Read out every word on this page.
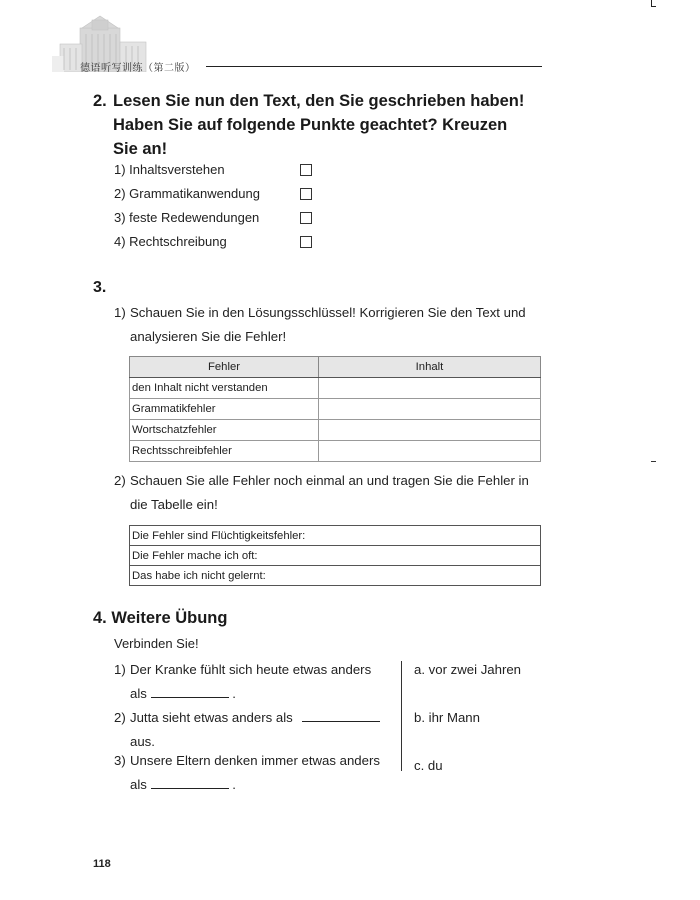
德语听写训练（第二版）
2. Lesen Sie nun den Text, den Sie geschrieben haben!
Haben Sie auf folgende Punkte geachtet? Kreuzen
Sie an!
1) Inhaltsverstehen
2) Grammatikanwendung
3) feste Redewendungen
4) Rechtschreibung
3.
1) Schauen Sie in den Lösungsschlüssel! Korrigieren Sie den Text und
analysieren Sie die Fehler!
Fehler	Inhalt
den Inhalt nicht verstanden	
Grammatikfehler	
Wortschatzfehler	
Rechtsschreibfehler	
2) Schauen Sie alle Fehler noch einmal an und tragen Sie die Fehler in
die Tabelle ein!
Die Fehler sind Flüchtigkeitsfehler:
Die Fehler mache ich oft:
Das habe ich nicht gelernt:
4. Weitere Übung
Verbinden Sie!
1) Der Kranke fühlt sich heute etwas anders
als	.
2) Jutta sieht etwas anders als
aus.
3) Unsere Eltern denken immer etwas anders
als	.
a. vor zwei Jahren
b. ihr Mann
c. du
118
